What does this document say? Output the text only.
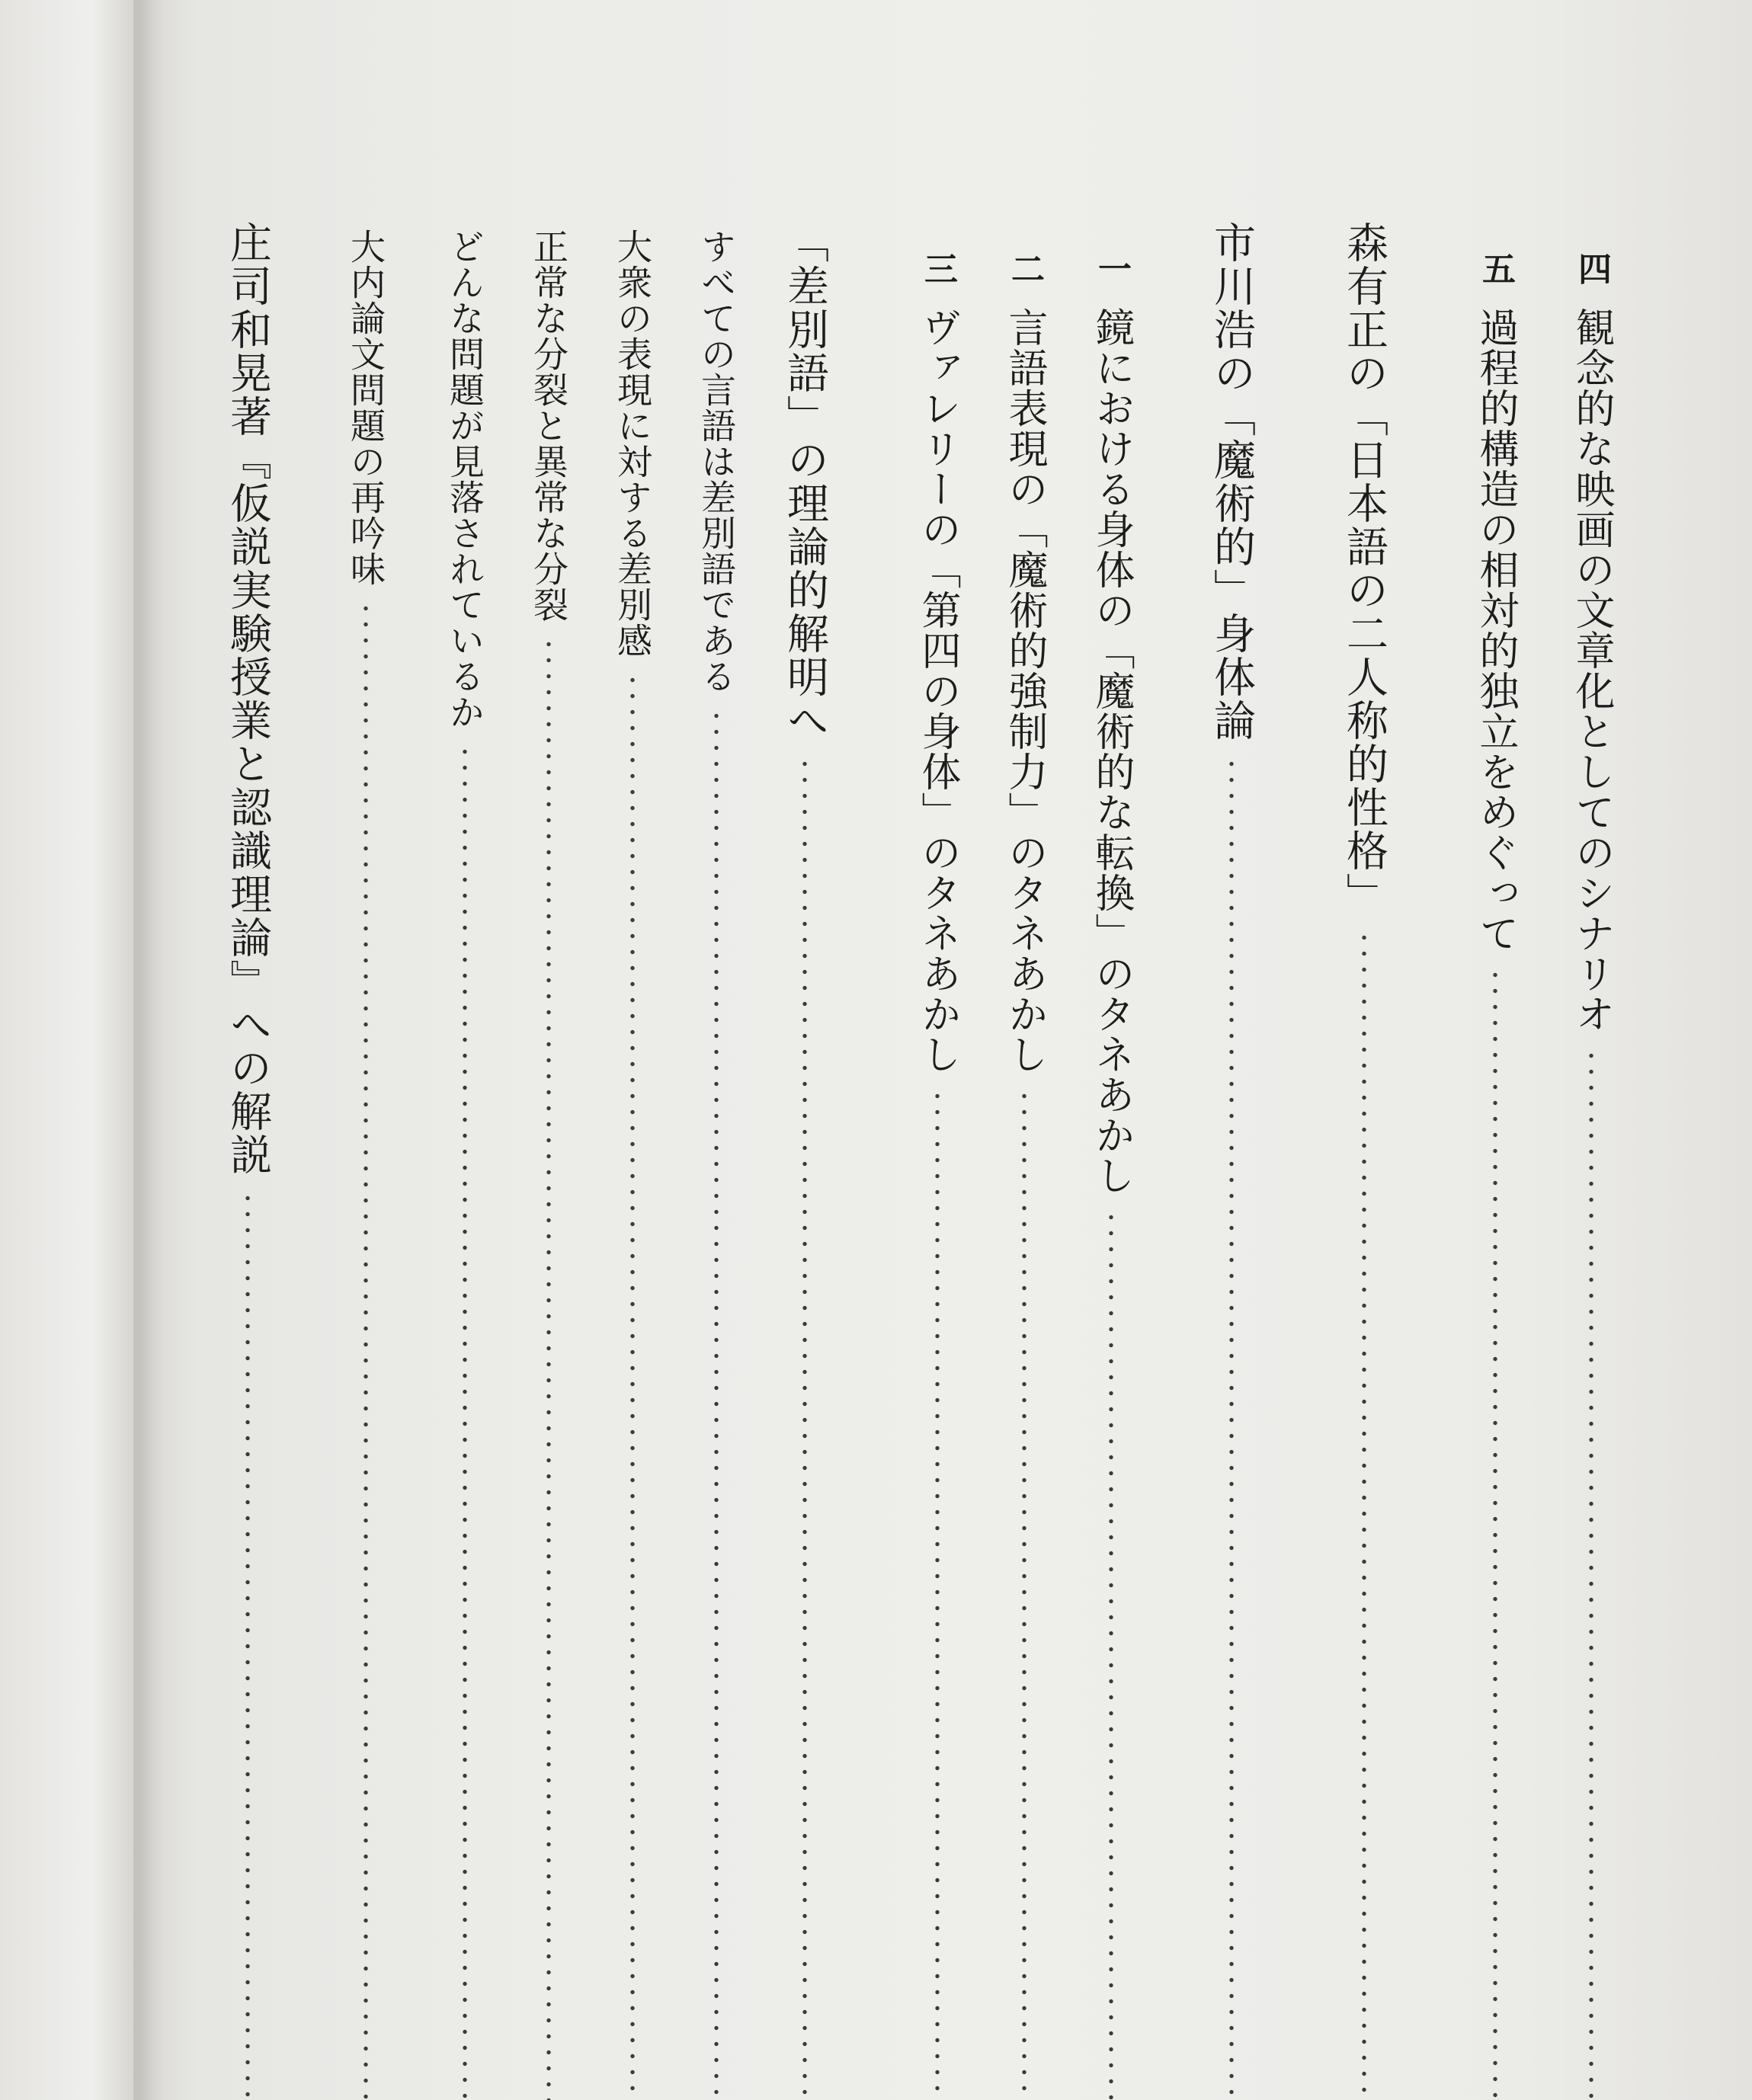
四
観念的な映画の文章化としてのシナリオ
五
過程的構造の相対的独立をめぐって
森有正の「日本語の二人称的性格」
市川浩の「魔術的」身体論
一
鏡における身体の「魔術的な転換」のタネあかし
二
言語表現の「魔術的強制力」のタネあかし
三
ヴァレリーの「第四の身体」のタネあかし
「差別語」の理論的解明へ
すべての言語は差別語である
大衆の表現に対する差別感
正常な分裂と異常な分裂
どんな問題が見落されているか
大内論文問題の再吟味
庄司和晃著『仮説実験授業と認識理論』への解説
